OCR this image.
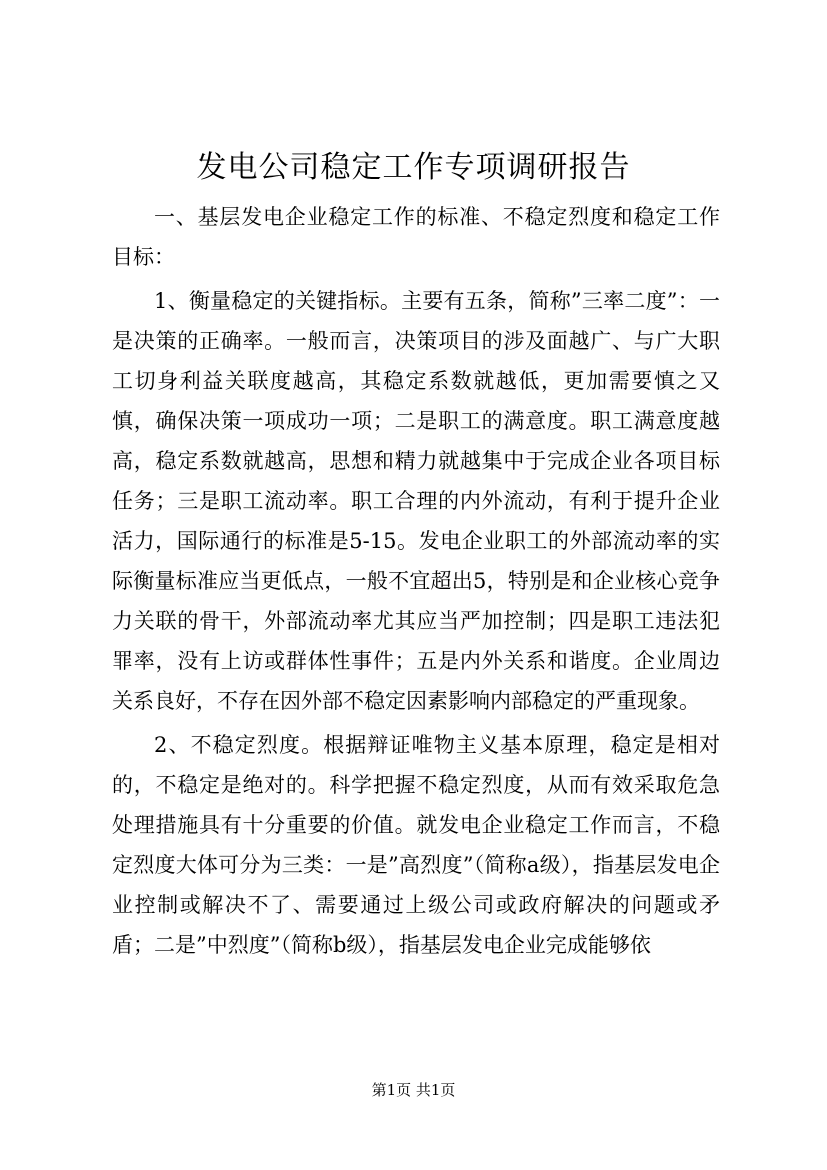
发电公司稳定工作专项调研报告

一、基层发电企业稳定工作的标准、不稳定烈度和稳定工作目标：

1、衡量稳定的关键指标。主要有五条，简称”三率二度”：一是决策的正确率。一般而言，决策项目的涉及面越广、与广大职工切身利益关联度越高，其稳定系数就越低，更加需要慎之又慎，确保决策一项成功一项；二是职工的满意度。职工满意度越高，稳定系数就越高，思想和精力就越集中于完成企业各项目标任务；三是职工流动率。职工合理的内外流动，有利于提升企业活力，国际通行的标准是5-15。发电企业职工的外部流动率的实际衡量标准应当更低点，一般不宜超出5，特别是和企业核心竞争力关联的骨干，外部流动率尤其应当严加控制；四是职工违法犯罪率，没有上访或群体性事件；五是内外关系和谐度。企业周边关系良好，不存在因外部不稳定因素影响内部稳定的严重现象。

2、不稳定烈度。根据辩证唯物主义基本原理，稳定是相对的，不稳定是绝对的。科学把握不稳定烈度，从而有效采取危急处理措施具有十分重要的价值。就发电企业稳定工作而言，不稳定烈度大体可分为三类：一是”高烈度”（简称a级），指基层发电企业控制或解决不了、需要通过上级公司或政府解决的问题或矛盾；二是”中烈度”（简称b级），指基层发电企业完成能够依

第1页 共1页
